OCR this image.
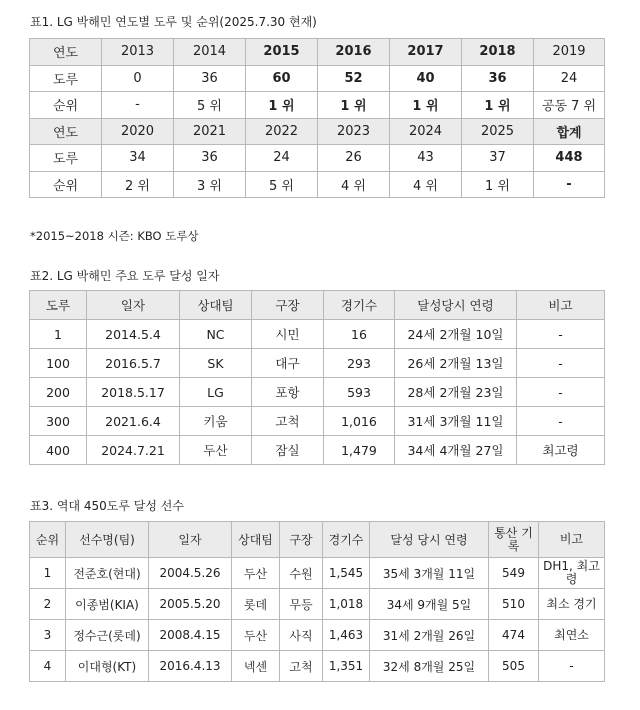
표1. LG 박해민 연도별 도루 및 순위(2025.7.30 현재)
연도	2013	2014	2015	2016	2017	2018	2019
도루	0	36	60	52	40	36	24
순위	-	5 위	1 위	1 위	1 위	1 위	공동 7 위
연도	2020	2021	2022	2023	2024	2025	합계
도루	34	36	24	26	43	37	448
순위	2 위	3 위	5 위	4 위	4 위	1 위	-
*2015~2018 시즌: KBO 도루상
표2. LG 박해민 주요 도루 달성 일자
도루	일자	상대팀	구장	경기수	달성당시 연령	비고
1	2014.5.4	NC	시민	16	24세 2개월 10일	-
100	2016.5.7	SK	대구	293	26세 2개월 13일	-
200	2018.5.17	LG	포항	593	28세 2개월 23일	-
300	2021.6.4	키움	고척	1,016	31세 3개월 11일	-
400	2024.7.21	두산	잠실	1,479	34세 4개월 27일	최고령
표3. 역대 450도루 달성 선수
순위	선수명(팀)	일자	상대팀	구장	경기수	달성 당시 연령	통산 기록	비고
1	전준호(현대)	2004.5.26	두산	수원	1,545	35세 3개월 11일	549	DH1, 최고령
2	이종범(KIA)	2005.5.20	롯데	무등	1,018	34세 9개월 5일	510	최소 경기
3	정수근(롯데)	2008.4.15	두산	사직	1,463	31세 2개월 26일	474	최연소
4	이대형(KT)	2016.4.13	넥센	고척	1,351	32세 8개월 25일	505	-
